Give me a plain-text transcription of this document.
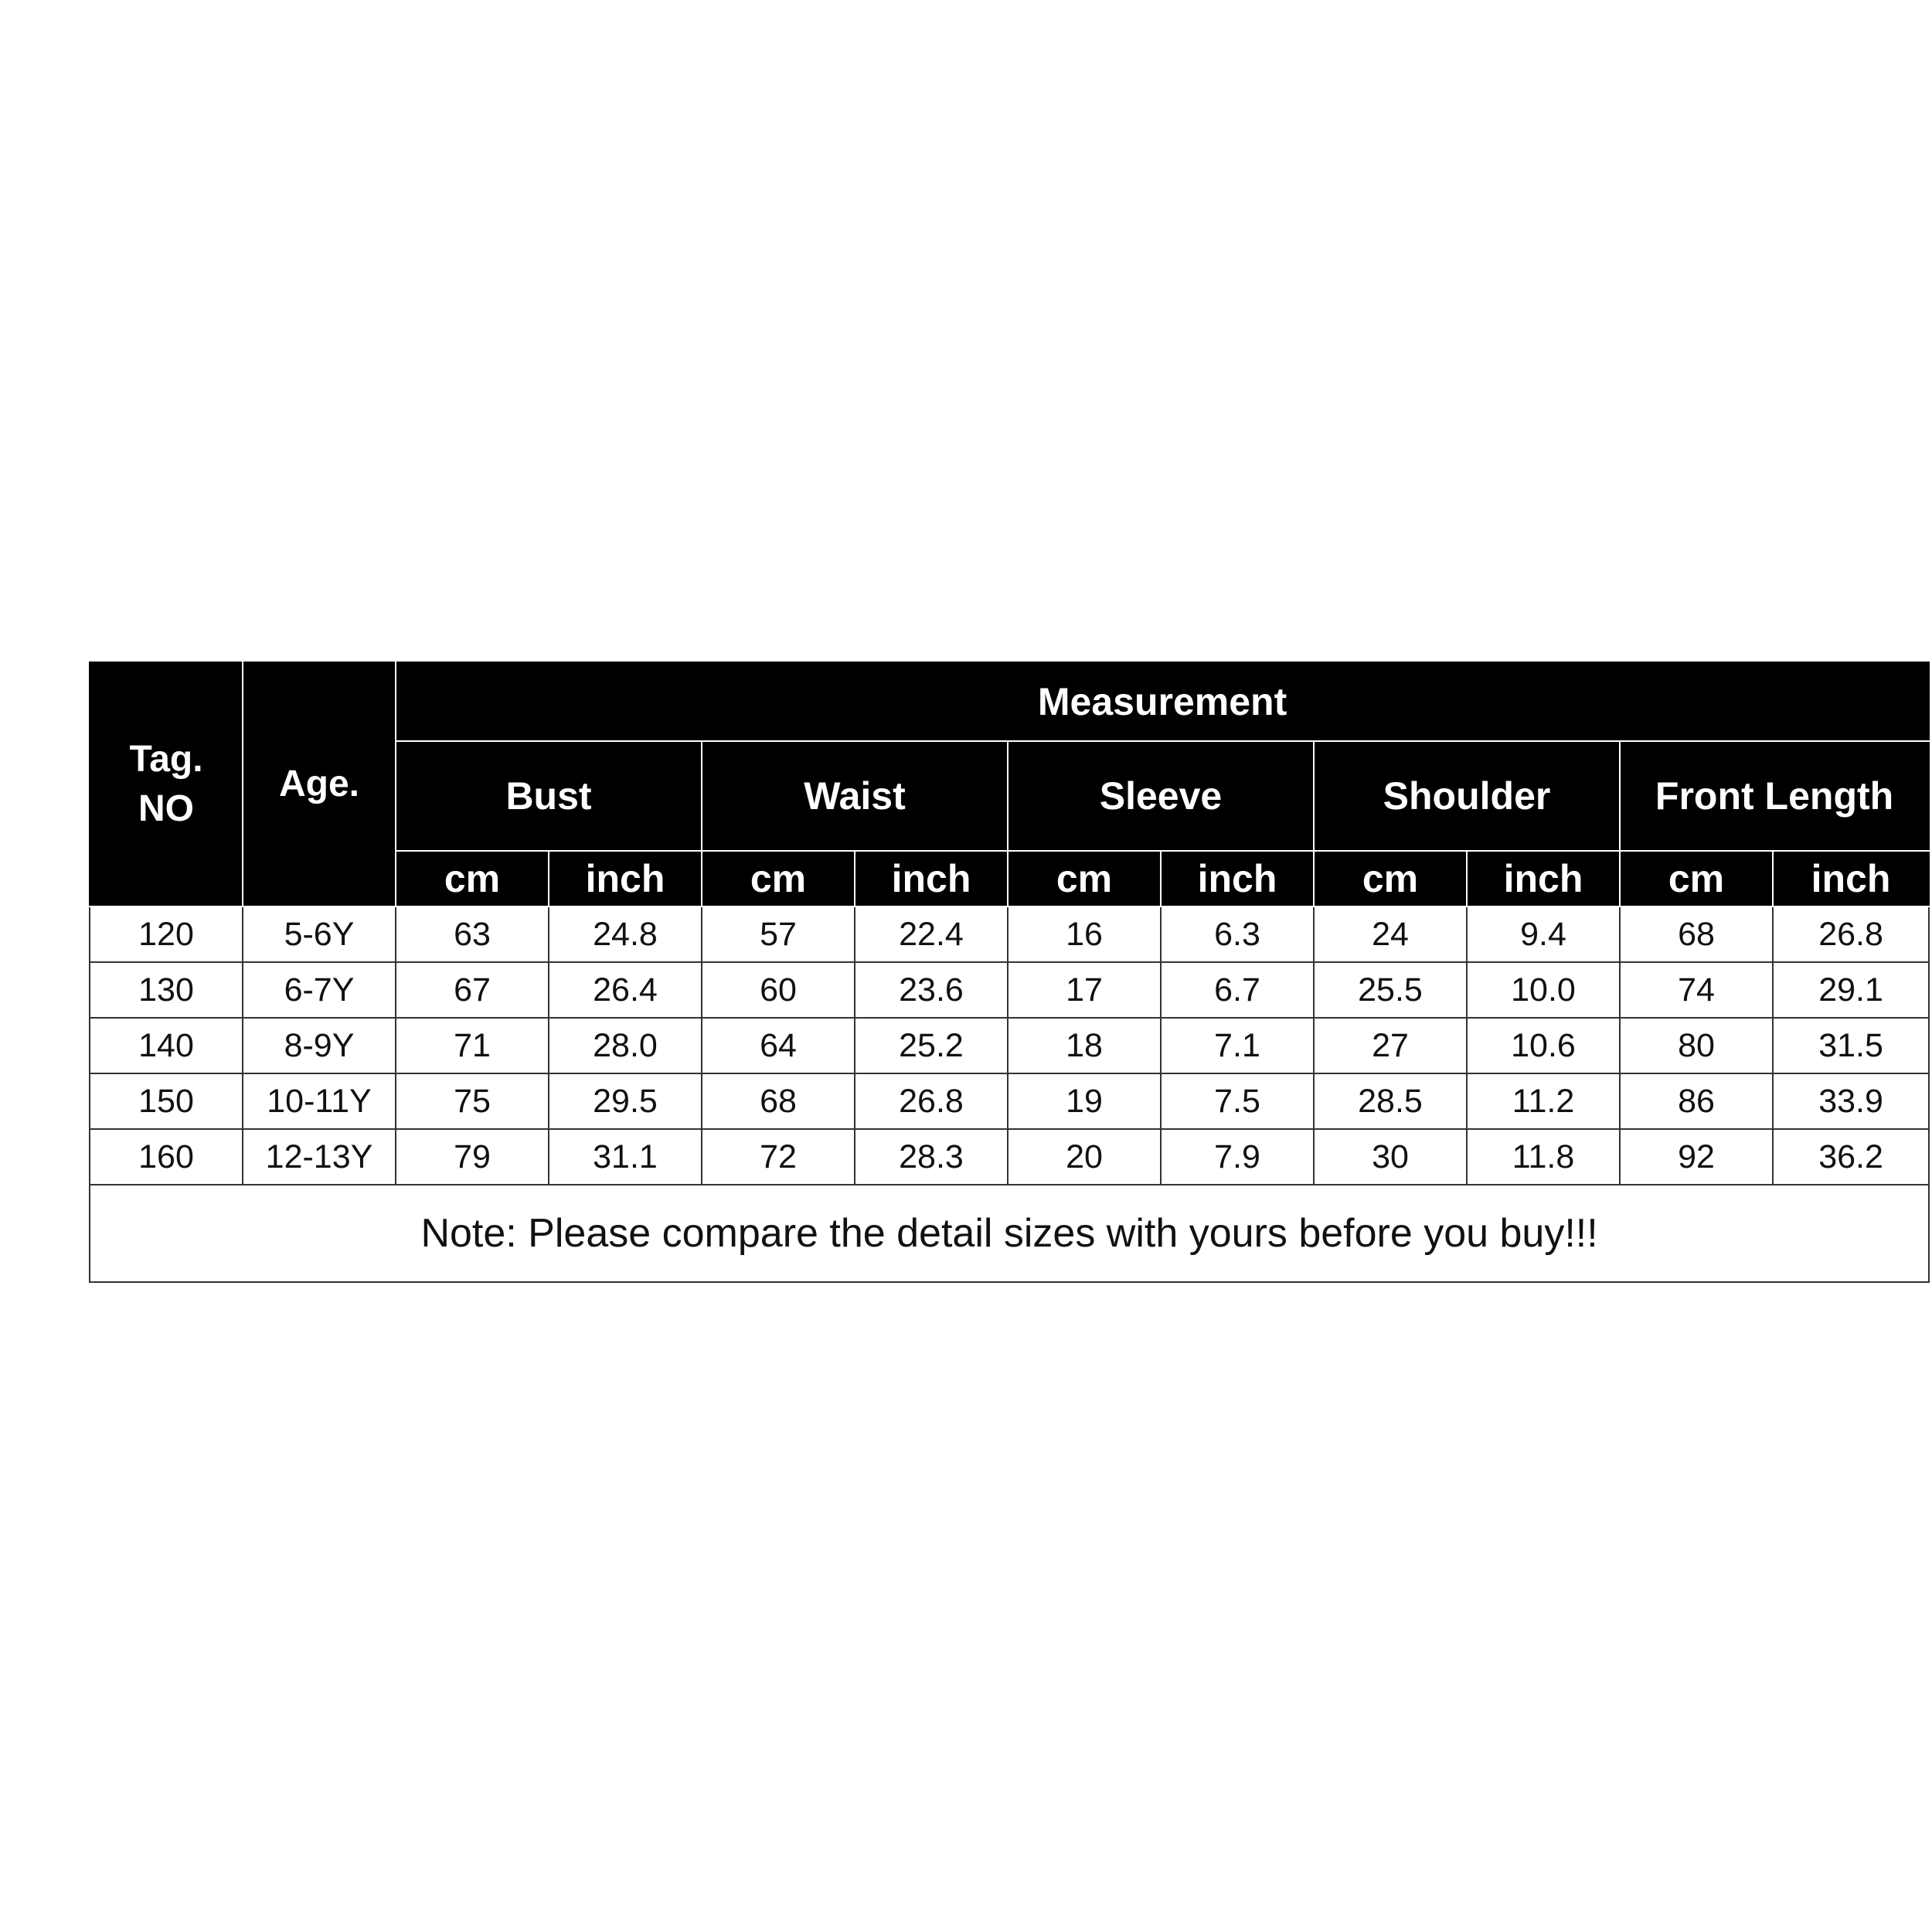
Tag.
NO	Age.	Measurement									
		Bust		Waist		Sleeve		Shoulder		Front Length	
		cm	inch	cm	inch	cm	inch	cm	inch	cm	inch
120	5-6Y	63	24.8	57	22.4	16	6.3	24	9.4	68	26.8
130	6-7Y	67	26.4	60	23.6	17	6.7	25.5	10.0	74	29.1
140	8-9Y	71	28.0	64	25.2	18	7.1	27	10.6	80	31.5
150	10-11Y	75	29.5	68	26.8	19	7.5	28.5	11.2	86	33.9
160	12-13Y	79	31.1	72	28.3	20	7.9	30	11.8	92	36.2
Note: Please compare the detail sizes with yours before you buy!!!											
